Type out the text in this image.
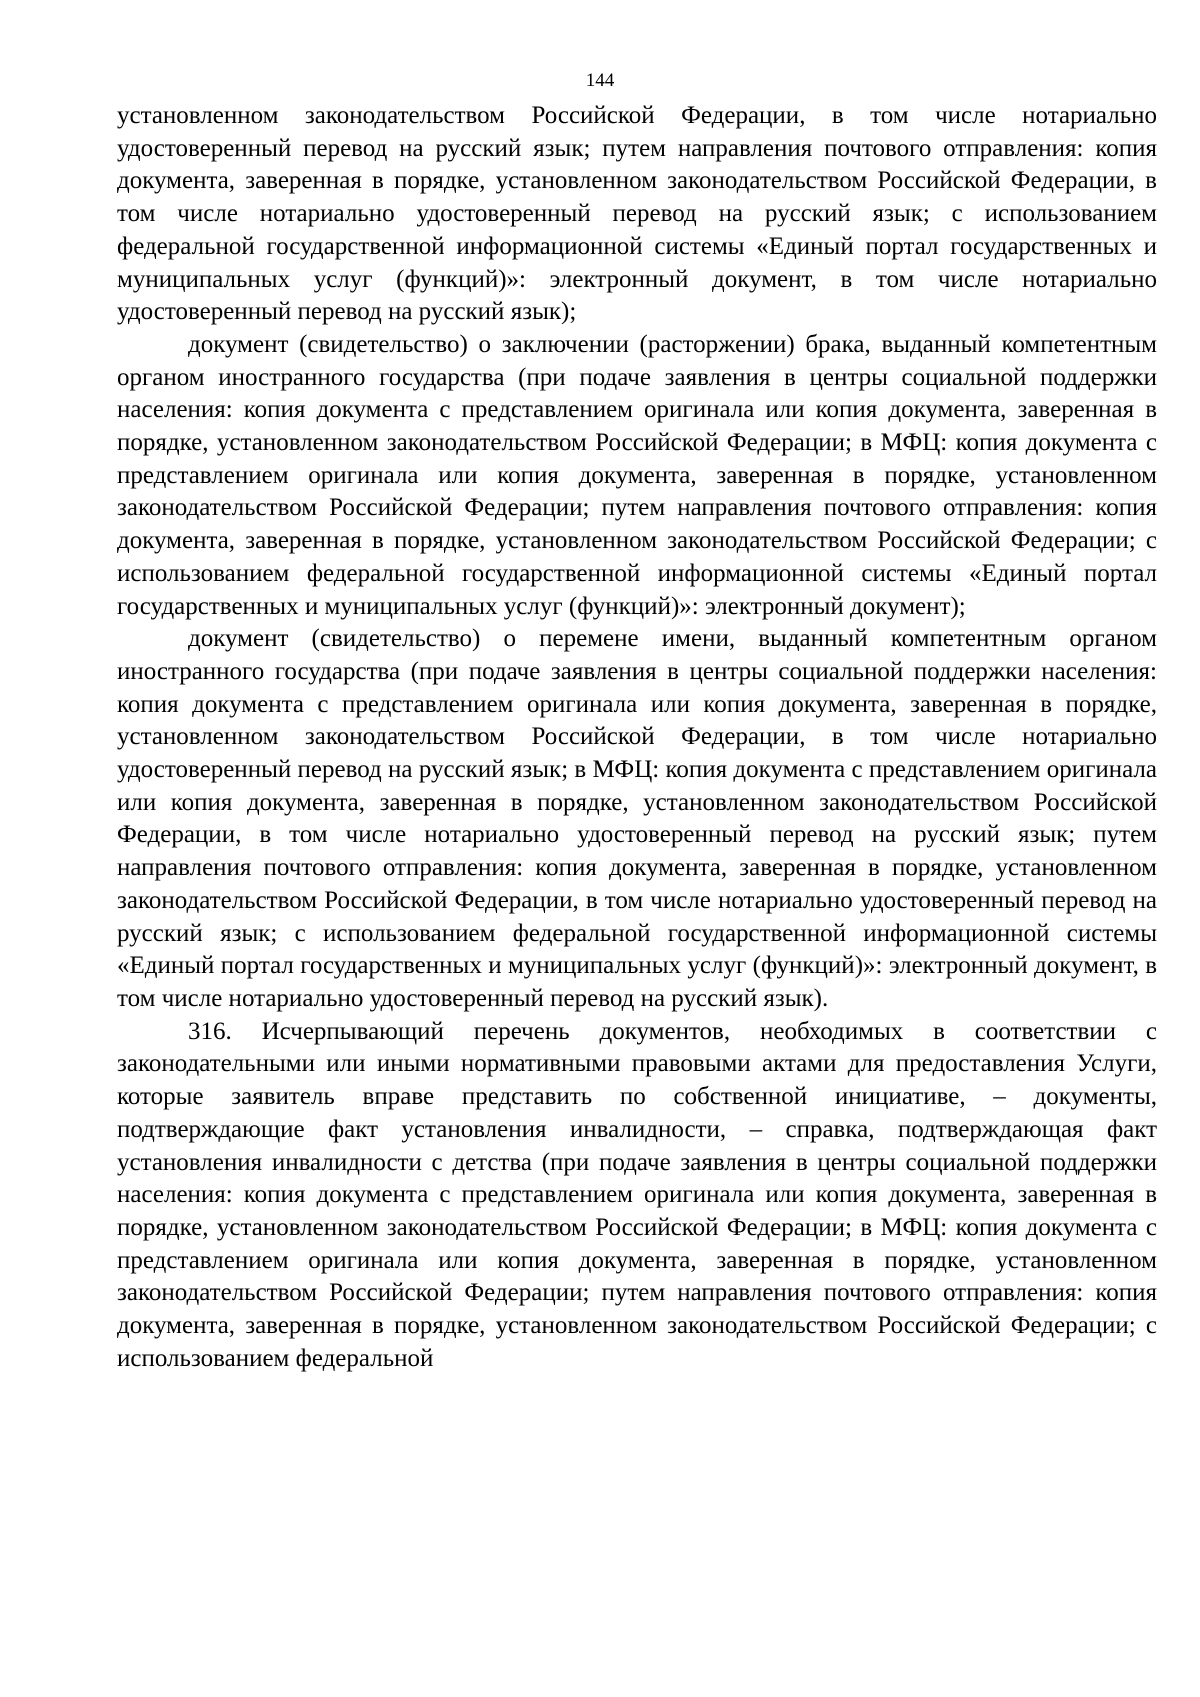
144

установленном законодательством Российской Федерации, в том числе нотариально удостоверенный перевод на русский язык; путем направления почтового отправления: копия документа, заверенная в порядке, установленном законодательством Российской Федерации, в том числе нотариально удостоверенный перевод на русский язык; с использованием федеральной государственной информационной системы «Единый портал государственных и муниципальных услуг (функций)»: электронный документ, в том числе нотариально удостоверенный перевод на русский язык);

документ (свидетельство) о заключении (расторжении) брака, выданный компетентным органом иностранного государства (при подаче заявления в центры социальной поддержки населения: копия документа с представлением оригинала или копия документа, заверенная в порядке, установленном законодательством Российской Федерации; в МФЦ: копия документа с представлением оригинала или копия документа, заверенная в порядке, установленном законодательством Российской Федерации; путем направления почтового отправления: копия документа, заверенная в порядке, установленном законодательством Российской Федерации; с использованием федеральной государственной информационной системы «Единый портал государственных и муниципальных услуг (функций)»: электронный документ);

документ (свидетельство) о перемене имени, выданный компетентным органом иностранного государства (при подаче заявления в центры социальной поддержки населения: копия документа с представлением оригинала или копия документа, заверенная в порядке, установленном законодательством Российской Федерации, в том числе нотариально удостоверенный перевод на русский язык; в МФЦ: копия документа с представлением оригинала или копия документа, заверенная в порядке, установленном законодательством Российской Федерации, в том числе нотариально удостоверенный перевод на русский язык; путем направления почтового отправления: копия документа, заверенная в порядке, установленном законодательством Российской Федерации, в том числе нотариально удостоверенный перевод на русский язык; с использованием федеральной государственной информационной системы «Единый портал государственных и муниципальных услуг (функций)»: электронный документ, в том числе нотариально удостоверенный перевод на русский язык).

316. Исчерпывающий перечень документов, необходимых в соответствии с законодательными или иными нормативными правовыми актами для предоставления Услуги, которые заявитель вправе представить по собственной инициативе, – документы, подтверждающие факт установления инвалидности, – справка, подтверждающая факт установления инвалидности с детства (при подаче заявления в центры социальной поддержки населения: копия документа с представлением оригинала или копия документа, заверенная в порядке, установленном законодательством Российской Федерации; в МФЦ: копия документа с представлением оригинала или копия документа, заверенная в порядке, установленном законодательством Российской Федерации; путем направления почтового отправления: копия документа, заверенная в порядке, установленном законодательством Российской Федерации; с использованием федеральной
